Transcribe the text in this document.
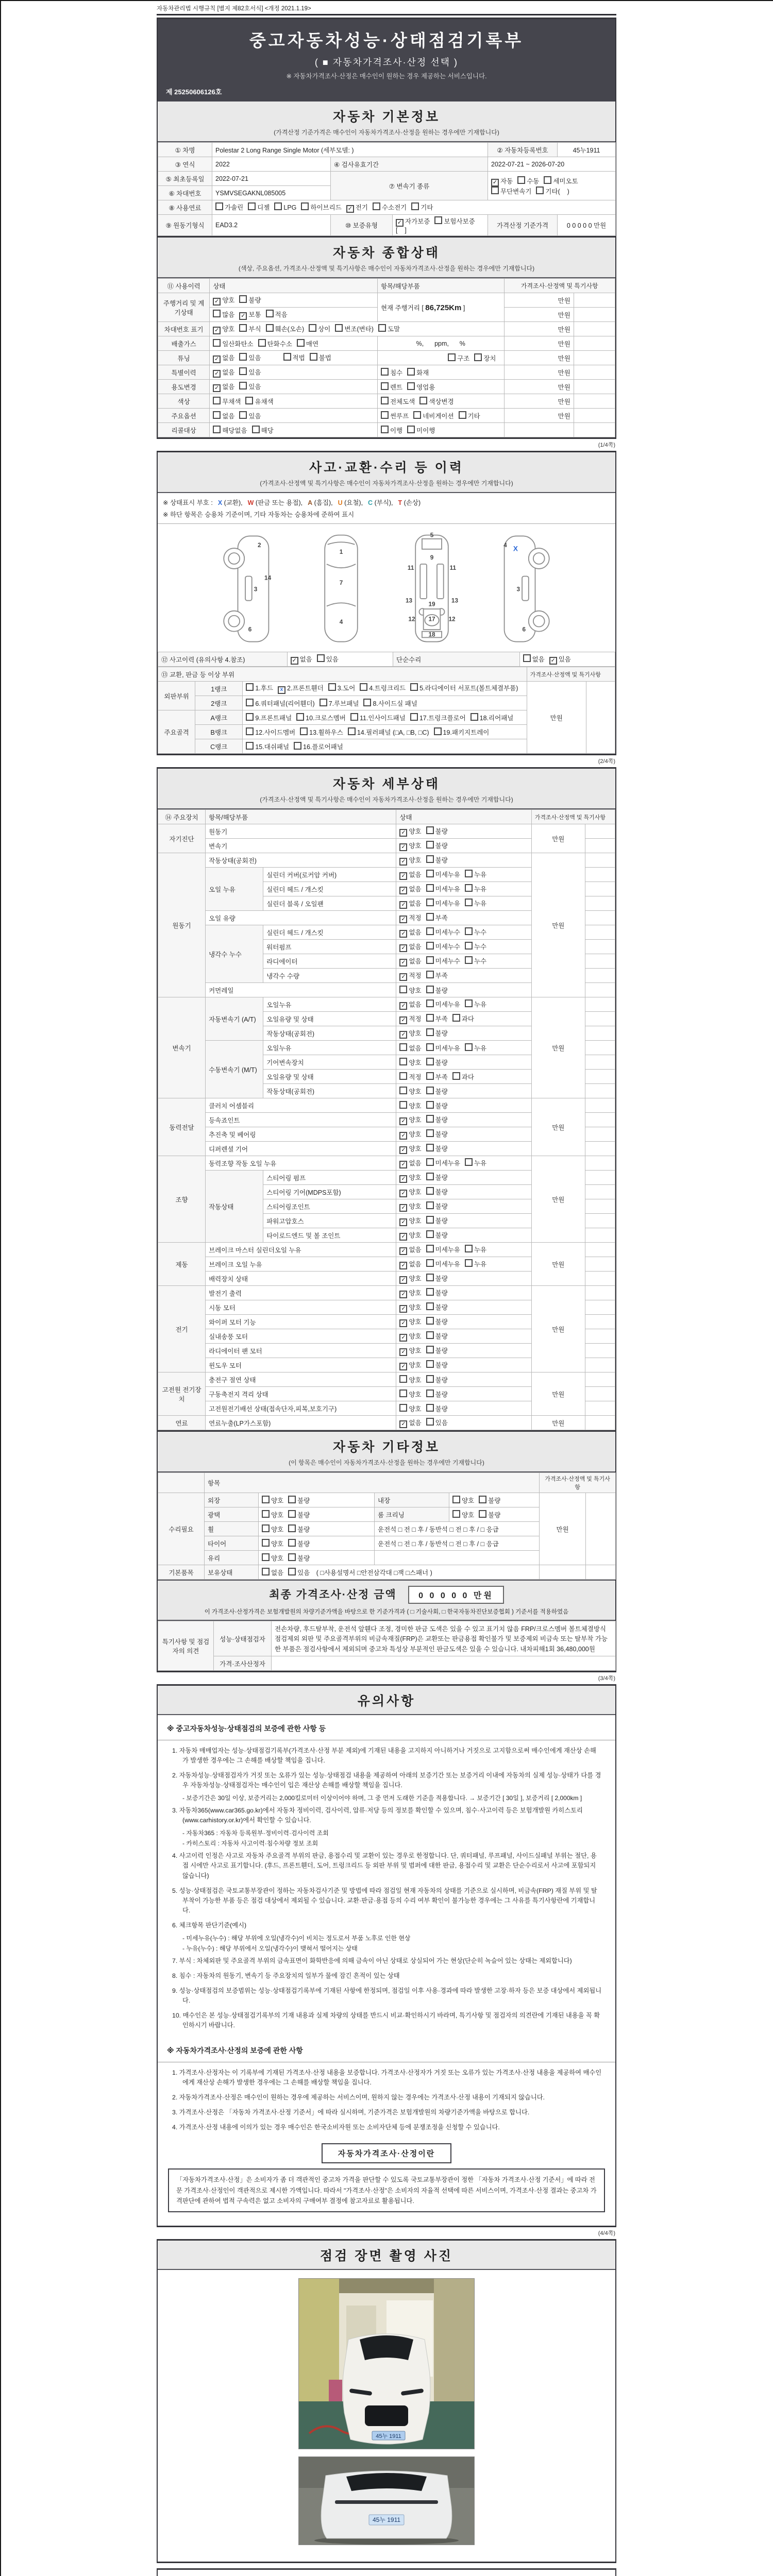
자동차관리법 시행규칙 [별지 제82호서식] <개정 2021.1.19>
중고자동차성능·상태점검기록부
( ■ 자동차가격조사·산정 선택 )
※ 자동차가격조사·산정은 매수인이 원하는 경우 제공하는 서비스입니다.
제 25250606126호
자동차 기본정보
(가격산정 기준가격은 매수인이 자동차가격조사·산정을 원하는 경우에만 기재합니다)
① 차명	Polestar 2 Long Range Single Motor (세부모델: )			② 자동차등록번호	45누1911
③ 연식	2022	④ 검사유효기간		2022-07-21 ~ 2026-07-20	
⑤ 최초등록일	2022-07-21	⑦ 변속기 종류		✓ 자동 수동 세미오토
무단변속기 기타(    )	
⑥ 차대번호	YSMVSEGAKNL085005				
⑧ 사용연료	가솔린 디젤 LPG 하이브리드 ✓ 전기 수소전기 기타				
⑨ 원동기형식	EAD3.2	⑩ 보증유형	✓ 자가보증 보험사보증 [    ]	가격산정 기준가격	0 0 0 0 0 만원
자동차 종합상태
(색상, 주요옵션, 가격조사·산정액 및 특기사항은 매수인이 자동차가격조사·산정을 원하는 경우에만 기재합니다)
⑪ 사용이력	상태	항목/해당부품	가격조사·산정액 및 특기사항	
주행거리 및 계기상태	✓ 양호 불량	현재 주행거리 [ 86,725Km ]	만원	
	많음 ✓ 보통 적음		만원	
차대번호 표기	✓ 양호 부식 훼손(오손) 상이 변조(변타) 도말		만원	
배출가스	일산화탄소 탄화수소 매연	%,      ppm,      %	만원	
튜닝	✓ 없음 있음 적법 불법	구조 장치	만원	
특별이력	✓ 없음 있음	침수 화재	만원	
용도변경	✓ 없음 있음	렌트 영업용	만원	
색상	무채색 유채색	전체도색 색상변경	만원	
주요옵션	없음 있음	썬루프 네비게이션 기타	만원	
리콜대상	해당없음 해당	이행 미이행		
(1/4쪽)
사고·교환·수리 등 이력
(가격조사·산정액 및 특기사항은 매수인이 자동차가격조사·산정을 원하는 경우에만 기재합니다)
※ 상태표시 부호 : X (교환), W (판금 또는 용접), A (흠집), U (요철), C (부식), T (손상)
※ 하단 항목은 승용차 기준이며, 기타 자동차는 승용차에 준하여 표시
2
14
3
6
1
7
4
5
9
11	11
13	13
12	12
19
17
18
4
3
6
X
⑫ 사고이력 (유의사항 4.참조)	✓ 없음 있음	단순수리	없음 ✓ 있음
⑬ 교환, 판금 등 이상 부위			가격조사·산정액 및 특기사항	
외판부위	1랭크	1.후드 x 2.프론트휀더 3.도어 4.트렁크리드 5.라디에이터 서포트(볼트체결부품)	만원	
	2랭크	6.쿼터패널(리어휀더) 7.루브패널 8.사이드실 패널		
주요골격	A랭크	9.프론트패널 10.크로스멤버 11.인사이드패널 17.트렁크플로어 18.리어패널		
	B랭크	12.사이드멤버 13.휠하우스 14.필러패널 (□A, □B, □C) 19.패키지트레이		
	C랭크	15.대쉬패널 16.플로어패널		
(2/4쪽)
자동차 세부상태
(가격조사·산정액 및 특기사항은 매수인이 자동차가격조사·산정을 원하는 경우에만 기재합니다)
⑭ 주요장치	항목/해당부품		상태	가격조사·산정액 및 특기사항	
자기진단	원동기		✓ 양호 불량	만원	
	변속기		✓ 양호 불량		
원동기	작동상태(공회전)		✓ 양호 불량	만원	
	오일 누유	실린더 커버(로커암 커버)	✓ 없음 미세누유 누유		
		실린더 헤드 / 개스킷	✓ 없음 미세누유 누유		
		실린더 블록 / 오일팬	✓ 없음 미세누유 누유		
	오일 유량		✓ 적정 부족		
	냉각수 누수	실린더 헤드 / 개스킷	✓ 없음 미세누수 누수		
		워터펌프	✓ 없음 미세누수 누수		
		라디에이터	✓ 없음 미세누수 누수		
		냉각수 수량	✓ 적정 부족		
	커먼레일		양호 불량		
변속기	자동변속기 (A/T)	오일누유	✓ 없음 미세누유 누유	만원	
		오일유량 및 상태	✓ 적정 부족 과다		
		작동상태(공회전)	✓ 양호 불량		
	수동변속기 (M/T)	오일누유	없음 미세누유 누유		
		기어변속장치	양호 불량		
		오일유량 및 상태	적정 부족 과다		
		작동상태(공회전)	양호 불량		
동력전달	클러치 어셈블리		양호 불량	만원	
	등속죠인트		✓ 양호 불량		
	추진축 및 베어링		✓ 양호 불량		
	디퍼렌셜 기어		✓ 양호 불량		
조향	동력조향 작동 오일 누유		✓ 없음 미세누유 누유	만원	
	작동상태	스티어링 펌프	✓ 양호 불량		
		스티어링 기어(MDPS포함)	✓ 양호 불량		
		스티어링조인트	✓ 양호 불량		
		파워고압호스	✓ 양호 불량		
		타이로드엔드 및 볼 조인트	✓ 양호 불량		
제동	브레이크 마스터 실린더오일 누유		✓ 없음 미세누유 누유	만원	
	브레이크 오일 누유		✓ 없음 미세누유 누유		
	배력장치 상태		✓ 양호 불량		
전기	발전기 출력		✓ 양호 불량	만원	
	시동 모터		✓ 양호 불량		
	와이퍼 모터 기능		✓ 양호 불량		
	실내송풍 모터		✓ 양호 불량		
	라디에이터 팬 모터		✓ 양호 불량		
	윈도우 모터		✓ 양호 불량		
고전원 전기장치	충전구 절연 상태		양호 불량	만원	
	구동축전지 격리 상태		양호 불량		
	고전원전기배선 상태(접속단자,피복,보호기구)		양호 불량		
연료	연료누출(LP가스포함)		✓ 없음 있음	만원	
자동차 기타정보
(이 항목은 매수인이 자동차가격조사·산정을 원하는 경우에만 기재합니다)
	항목				가격조사·산정액 및 특기사항	
수리필요	외장	양호 불량	내장	양호 불량	만원	
	광택	양호 불량	룸 크리닝	양호 불량		
	휠	양호 불량	운전석 □ 전 □ 후 / 동반석 □ 전 □ 후 / □ 응급			
	타이어	양호 불량	운전석 □ 전 □ 후 / 동반석 □ 전 □ 후 / □ 응급			
	유리	양호 불량				
기본품목	보유상태	없음 있음 ( □사용설명서 □안전삼각대 □잭 □스패너 )				
최종 가격조사·산정 금액	0 0 0 0 0 만원
이 가격조사·산정가격은 보험개발원의 차량기준가액을 바탕으로 한 기준가격과 ( □ 기술사회, □ 한국자동차진단보증협회 ) 기준서를 적용하였음
특기사항 및 점검자의 의견	성능·상태점검자	전손차량, 후드탈부착, 운전석 앞휀다 조정, 경미한 판금 도색은 있을 수 있고 표기치 않음 FRP/크로스멤버 볼트체결방식 점검제외 외판 및 주요골격부위의 비금속재질(FRP)은 교환또는 판금용접 확인불가 및 보증제외 비금속 또는 탈부착 가능한 부품은 점검사항에서 제외되며 중고차 특성상 부분적인 판금도색은 있을 수 있습니다. 내차피해1회 36,480,000원
	가격·조사산정자	
(3/4쪽)
유의사항
※ 중고자동차성능·상태점검의 보증에 관한 사항 등
1. 자동차 매매업자는 성능·상태점검기록부(가격조사·산정 부분 제외)에 기재된 내용을 고지하지 아니하거나 거짓으로 고지함으로써 매수인에게 재산상 손해가 발생한 경우에는 그 손해를 배상할 책임을 집니다.
2. 자동차성능·상태점검자가 거짓 또는 오류가 있는 성능·상태점검 내용을 제공하여 아래의 보증기간 또는 보증거리 이내에 자동차의 실제 성능·상태가 다를 경우 자동차성능·상태점검자는 매수인이 입은 재산상 손해를 배상할 책임을 집니다.
- 보증기간은 30일 이상, 보증거리는 2,000킬로미터 이상이어야 하며, 그 중 먼저 도래한 기준을 적용합니다. → 보증기간 [ 30일 ], 보증거리 [ 2,000km ]
3. 자동차365(www.car365.go.kr)에서 자동차 정비이력, 검사이력, 압류·저당 등의 정보를 확인할 수 있으며, 침수·사고이력 등은 보험개발원 카히스토리(www.carhistory.or.kr)에서 확인할 수 있습니다.
- 자동차365 : 자동차 등록원부·정비이력·검사이력 조회
- 카히스토리 : 자동차 사고이력·침수차량 정보 조회
4. 사고이력 인정은 사고로 자동차 주요골격 부위의 판금, 용접수리 및 교환이 있는 경우로 한정합니다. 단, 쿼터패널, 루프패널, 사이드실패널 부위는 절단, 용접 시에만 사고로 표기합니다. (후드, 프론트휀더, 도어, 트렁크리드 등 외판 부위 및 범퍼에 대한 판금, 용접수리 및 교환은 단순수리로서 사고에 포함되지 않습니다)
5. 성능·상태점검은 국토교통부장관이 정하는 자동차검사기준 및 방법에 따라 점검일 현재 자동차의 상태를 기준으로 실시하며, 비금속(FRP) 재질 부위 및 탈부착이 가능한 부품 등은 점검 대상에서 제외될 수 있습니다. 교환·판금·용접 등의 수리 여부 확인이 불가능한 경우에는 그 사유를 특기사항란에 기재합니다.
6. 체크항목 판단기준(예시)
- 미세누유(누수) : 해당 부위에 오일(냉각수)이 비치는 정도로서 부품 노후로 인한 현상
- 누유(누수) : 해당 부위에서 오일(냉각수)이 맺혀서 떨어지는 상태
7. 부식 : 차체외판 및 주요골격 부위의 금속표면이 화학반응에 의해 금속이 아닌 상태로 상실되어 가는 현상(단순히 녹슬어 있는 상태는 제외합니다)
8. 침수 : 자동차의 원동기, 변속기 등 주요장치의 일부가 물에 잠긴 흔적이 있는 상태
9. 성능·상태점검의 보증범위는 성능·상태점검기록부에 기재된 사항에 한정되며, 점검일 이후 사용·경과에 따라 발생한 고장·하자 등은 보증 대상에서 제외됩니다.
10. 매수인은 본 성능·상태점검기록부의 기재 내용과 실제 차량의 상태를 반드시 비교·확인하시기 바라며, 특기사항 및 점검자의 의견란에 기재된 내용을 꼭 확인하시기 바랍니다.
※ 자동차가격조사·산정의 보증에 관한 사항
1. 가격조사·산정자는 이 기록부에 기재된 가격조사·산정 내용을 보증합니다. 가격조사·산정자가 거짓 또는 오류가 있는 가격조사·산정 내용을 제공하여 매수인에게 재산상 손해가 발생한 경우에는 그 손해를 배상할 책임을 집니다.
2. 자동차가격조사·산정은 매수인이 원하는 경우에 제공하는 서비스이며, 원하지 않는 경우에는 가격조사·산정 내용이 기재되지 않습니다.
3. 가격조사·산정은 「자동차 가격조사·산정 기준서」에 따라 실시하며, 기준가격은 보험개발원의 차량기준가액을 바탕으로 합니다.
4. 가격조사·산정 내용에 이의가 있는 경우 매수인은 한국소비자원 또는 소비자단체 등에 분쟁조정을 신청할 수 있습니다.
자동차가격조사·산정이란
「자동차가격조사·산정」은 소비자가 좀 더 객관적인 중고차 가격을 판단할 수 있도록 국토교통부장관이 정한 「자동차 가격조사·산정 기준서」에 따라 전문 가격조사·산정인이 객관적으로 제시한 가액입니다. 따라서 "가격조사·산정"은 소비자의 자율적 선택에 따른 서비스이며, 가격조사·산정 결과는 중고차 가격판단에 관하여 법적 구속력은 없고 소비자의 구매여부 결정에 참고자료로 활용됩니다.
(4/4쪽)
점검 장면 촬영 사진
45누 1911
45누 1911
